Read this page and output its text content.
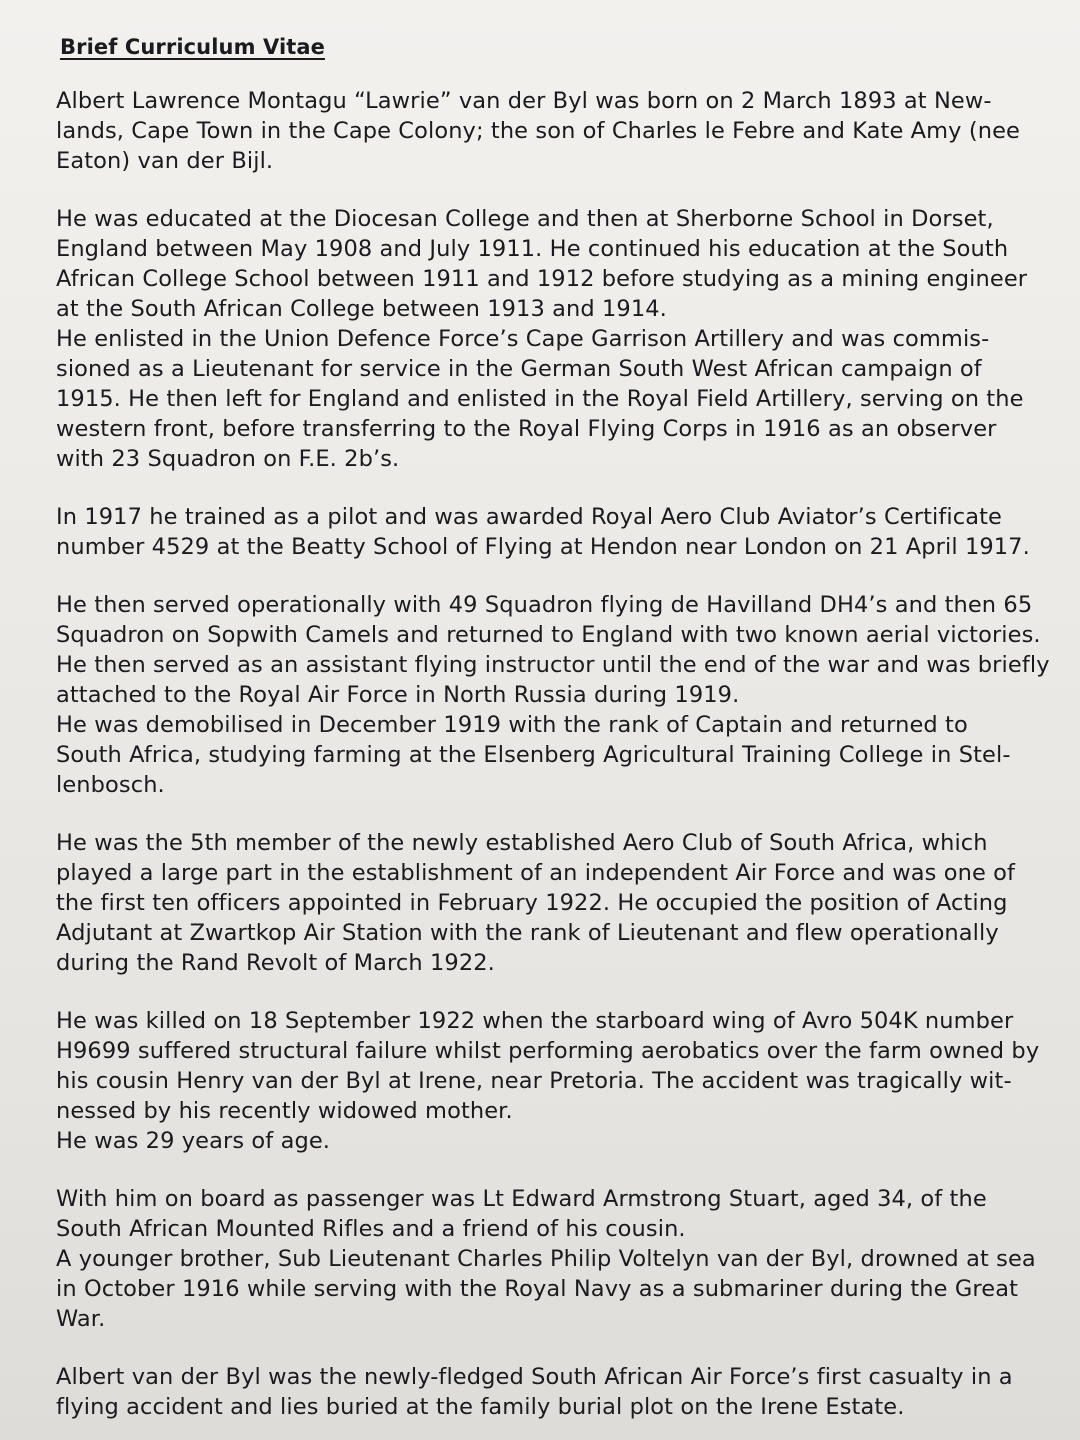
Brief Curriculum Vitae
Albert Lawrence Montagu “Lawrie” van der Byl was born on 2 March 1893 at New-
lands, Cape Town in the Cape Colony; the son of Charles le Febre and Kate Amy (nee
Eaton) van der Bijl.
He was educated at the Diocesan College and then at Sherborne School in Dorset,
England between May 1908 and July 1911. He continued his education at the South
African College School between 1911 and 1912 before studying as a mining engineer
at the South African College between 1913 and 1914.
He enlisted in the Union Defence Force’s Cape Garrison Artillery and was commis-
sioned as a Lieutenant for service in the German South West African campaign of
1915. He then left for England and enlisted in the Royal Field Artillery, serving on the
western front, before transferring to the Royal Flying Corps in 1916 as an observer
with 23 Squadron on F.E. 2b’s.
In 1917 he trained as a pilot and was awarded Royal Aero Club Aviator’s Certificate
number 4529 at the Beatty School of Flying at Hendon near London on 21 April 1917.
He then served operationally with 49 Squadron flying de Havilland DH4’s and then 65
Squadron on Sopwith Camels and returned to England with two known aerial victories.
He then served as an assistant flying instructor until the end of the war and was briefly
attached to the Royal Air Force in North Russia during 1919.
He was demobilised in December 1919 with the rank of Captain and returned to
South Africa, studying farming at the Elsenberg Agricultural Training College in Stel-
lenbosch.
He was the 5th member of the newly established Aero Club of South Africa, which
played a large part in the establishment of an independent Air Force and was one of
the first ten officers appointed in February 1922. He occupied the position of Acting
Adjutant at Zwartkop Air Station with the rank of Lieutenant and flew operationally
during the Rand Revolt of March 1922.
He was killed on 18 September 1922 when the starboard wing of Avro 504K number
H9699 suffered structural failure whilst performing aerobatics over the farm owned by
his cousin Henry van der Byl at Irene, near Pretoria. The accident was tragically wit-
nessed by his recently widowed mother.
He was 29 years of age.
With him on board as passenger was Lt Edward Armstrong Stuart, aged 34, of the
South African Mounted Rifles and a friend of his cousin.
A younger brother, Sub Lieutenant Charles Philip Voltelyn van der Byl, drowned at sea
in October 1916 while serving with the Royal Navy as a submariner during the Great
War.
Albert van der Byl was the newly-fledged South African Air Force’s first casualty in a
flying accident and lies buried at the family burial plot on the Irene Estate.
